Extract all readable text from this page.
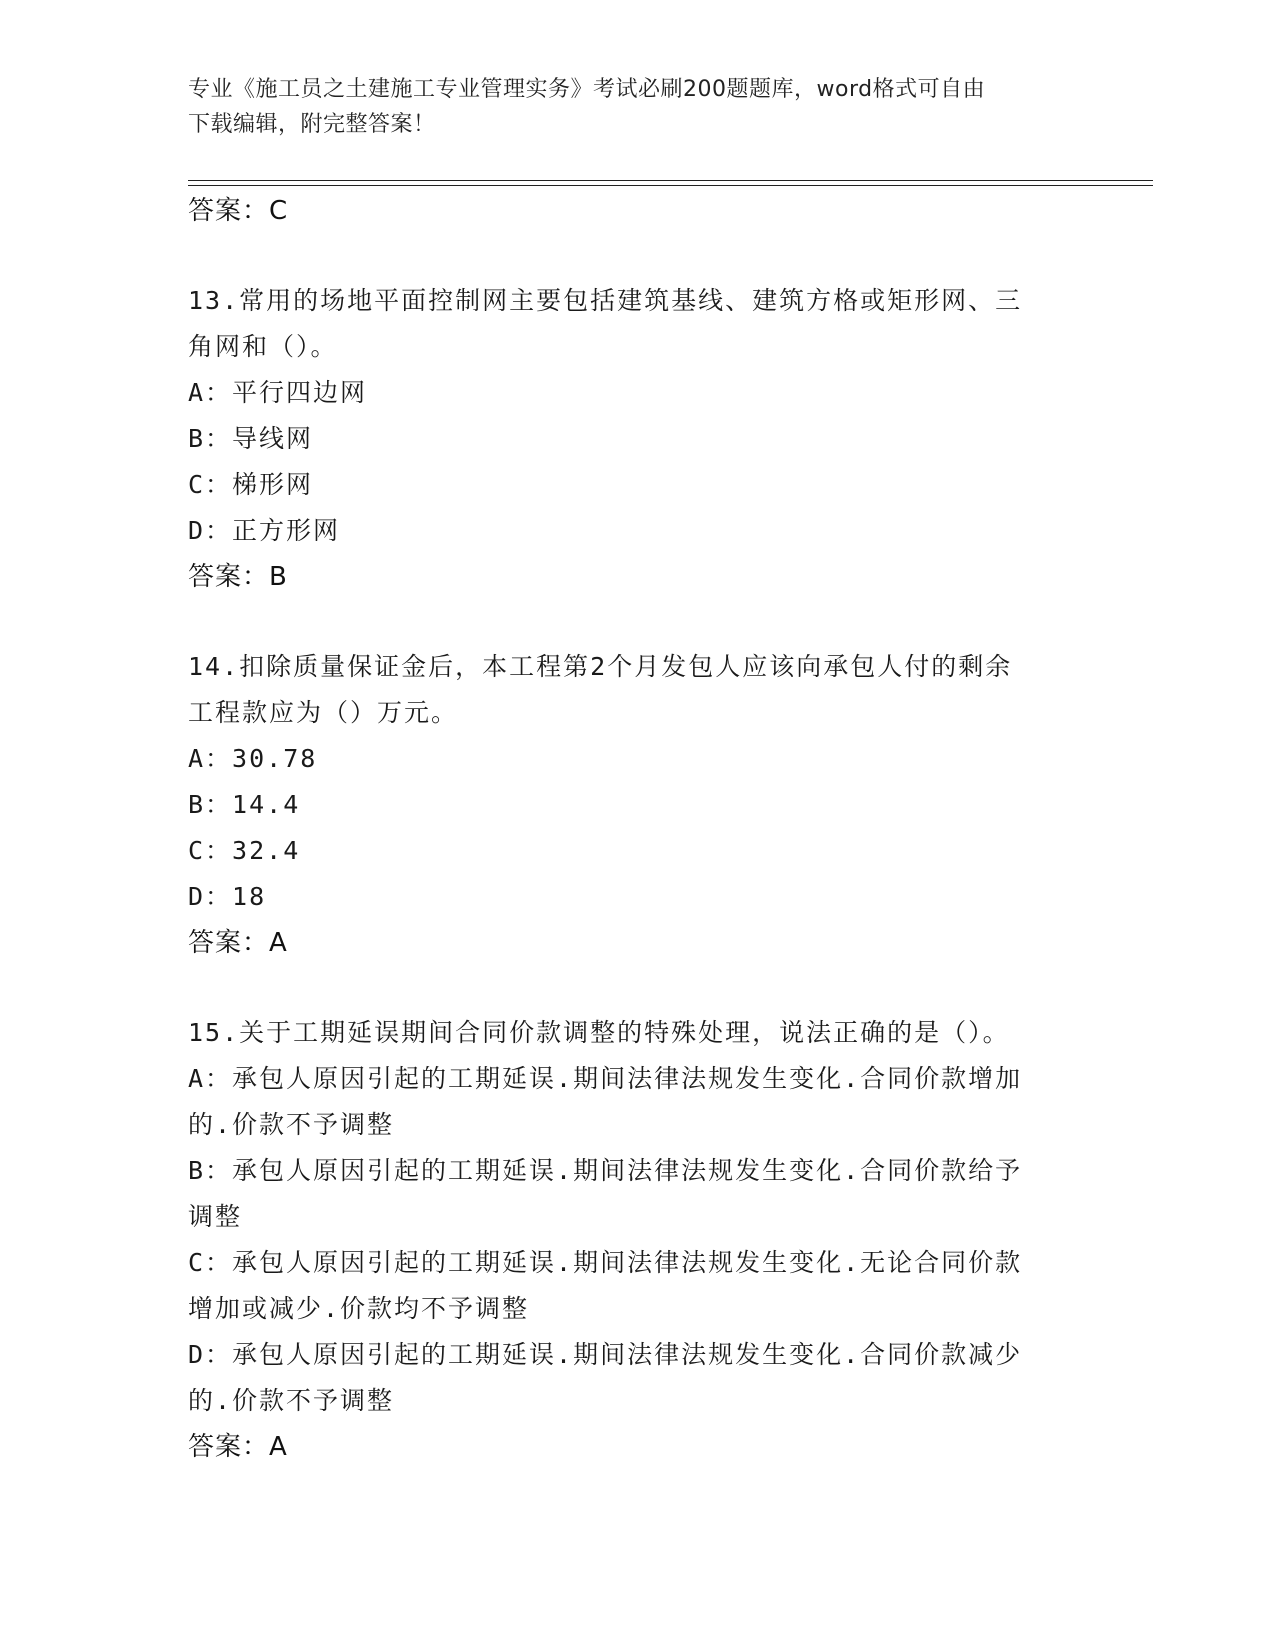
专业《施工员之土建施工专业管理实务》考试必刷200题题库，word格式可自由
下载编辑，附完整答案！

答案：C

13.常用的场地平面控制网主要包括建筑基线、建筑方格或矩形网、三

角网和（）。

A：平行四边网

B：导线网

C：梯形网

D：正方形网

答案：B

14.扣除质量保证金后，本工程第2个月发包人应该向承包人付的剩余

工程款应为（）万元。

A：30.78

B：14.4

C：32.4

D：18

答案：A

15.关于工期延误期间合同价款调整的特殊处理，说法正确的是（）。

A：承包人原因引起的工期延误.期间法律法规发生变化.合同价款增加

的.价款不予调整

B：承包人原因引起的工期延误.期间法律法规发生变化.合同价款给予

调整

C：承包人原因引起的工期延误.期间法律法规发生变化.无论合同价款

增加或减少.价款均不予调整

D：承包人原因引起的工期延误.期间法律法规发生变化.合同价款减少

的.价款不予调整

答案：A
